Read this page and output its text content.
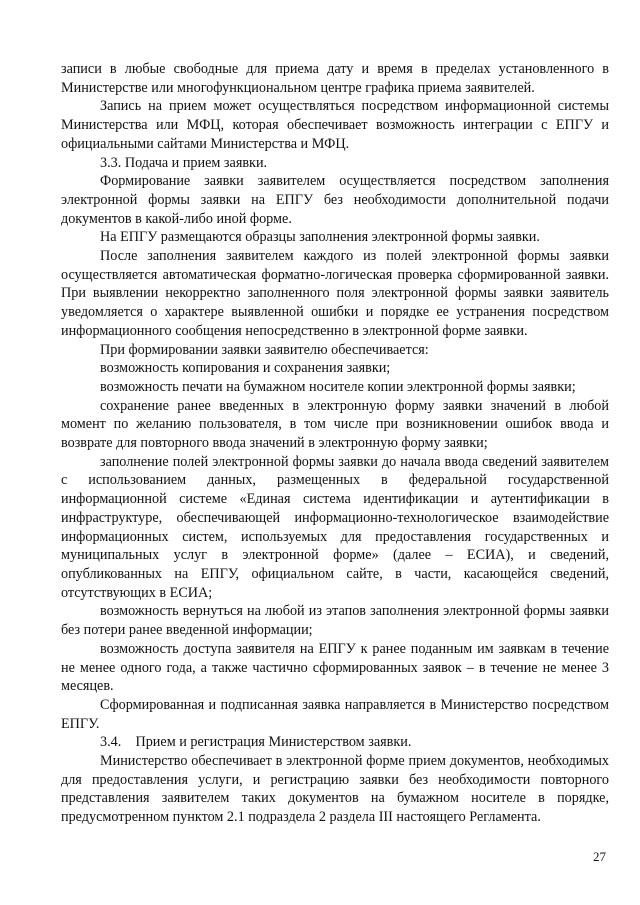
записи в любые свободные для приема дату и время в пределах установленного в Министерстве или многофункциональном центре графика приема заявителей.

Запись на прием может осуществляться посредством информационной системы Министерства или МФЦ, которая обеспечивает возможность интеграции с ЕПГУ и официальными сайтами Министерства и МФЦ.

3.3. Подача и прием заявки.

Формирование заявки заявителем осуществляется посредством заполнения электронной формы заявки на ЕПГУ без необходимости дополнительной подачи документов в какой-либо иной форме.

На ЕПГУ размещаются образцы заполнения электронной формы заявки.

После заполнения заявителем каждого из полей электронной формы заявки осуществляется автоматическая форматно-логическая проверка сформированной заявки. При выявлении некорректно заполненного поля электронной формы заявки заявитель уведомляется о характере выявленной ошибки и порядке ее устранения посредством информационного сообщения непосредственно в электронной форме заявки.

При формировании заявки заявителю обеспечивается:

возможность копирования и сохранения заявки;

возможность печати на бумажном носителе копии электронной формы заявки;

сохранение ранее введенных в электронную форму заявки значений в любой момент по желанию пользователя, в том числе при возникновении ошибок ввода и возврате для повторного ввода значений в электронную форму заявки;

заполнение полей электронной формы заявки до начала ввода сведений заявителем с использованием данных, размещенных в федеральной государственной информационной системе «Единая система идентификации и аутентификации в инфраструктуре, обеспечивающей информационно-технологическое взаимодействие информационных систем, используемых для предоставления государственных и муниципальных услуг в электронной форме» (далее – ЕСИА), и сведений, опубликованных на ЕПГУ, официальном сайте, в части, касающейся сведений, отсутствующих в ЕСИА;

возможность вернуться на любой из этапов заполнения электронной формы заявки без потери ранее введенной информации;

возможность доступа заявителя на ЕПГУ к ранее поданным им заявкам в течение не менее одного года, а также частично сформированных заявок – в течение не менее 3 месяцев.

Сформированная и подписанная заявка направляется в Министерство посредством ЕПГУ.

3.4.    Прием и регистрация Министерством заявки.

Министерство обеспечивает в электронной форме прием документов, необходимых для предоставления услуги, и регистрацию заявки без необходимости повторного представления заявителем таких документов на бумажном носителе в порядке, предусмотренном пунктом 2.1 подраздела 2 раздела III настоящего Регламента.

27
